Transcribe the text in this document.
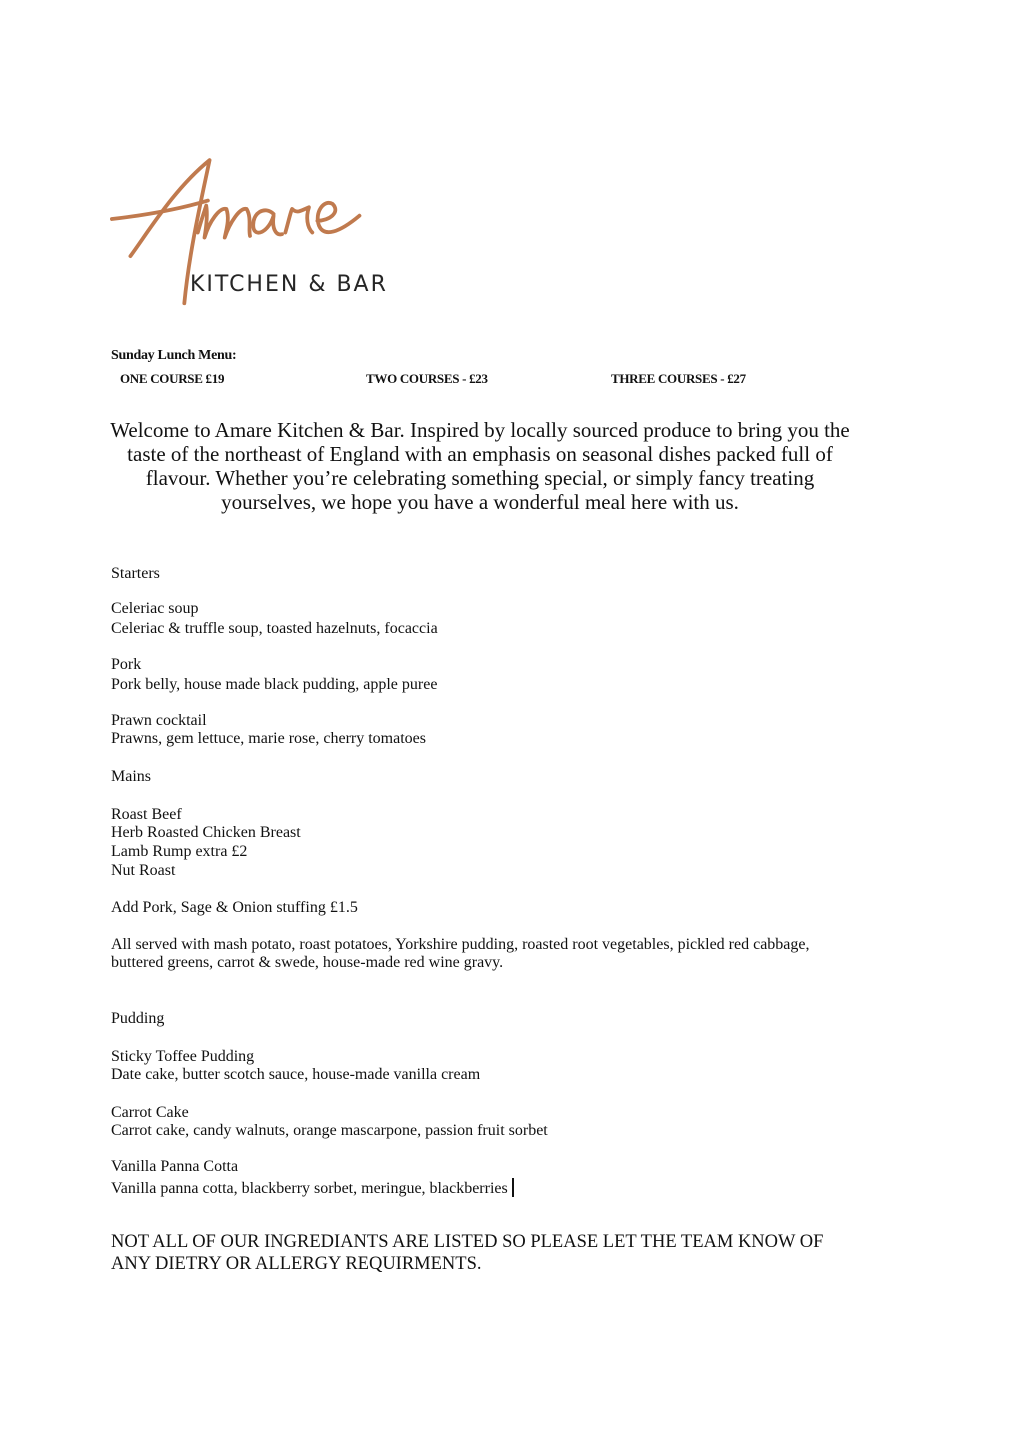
KITCHEN & BAR
Sunday Lunch Menu:
ONE COURSE £19	TWO COURSES - £23	THREE COURSES - £27
Welcome to Amare Kitchen & Bar. Inspired by locally sourced produce to bring you the taste of the northeast of England with an emphasis on seasonal dishes packed full of flavour. Whether you’re celebrating something special, or simply fancy treating yourselves, we hope you have a wonderful meal here with us.
Starters
Celeriac soup
Celeriac & truffle soup, toasted hazelnuts, focaccia
Pork
Pork belly, house made black pudding, apple puree
Prawn cocktail
Prawns, gem lettuce, marie rose, cherry tomatoes
Mains
Roast Beef
Herb Roasted Chicken Breast
Lamb Rump extra £2
Nut Roast
Add Pork, Sage & Onion stuffing £1.5
All served with mash potato, roast potatoes, Yorkshire pudding, roasted root vegetables, pickled red cabbage, buttered greens, carrot & swede, house-made red wine gravy.
Pudding
Sticky Toffee Pudding
Date cake, butter scotch sauce, house-made vanilla cream
Carrot Cake
Carrot cake, candy walnuts, orange mascarpone, passion fruit sorbet
Vanilla Panna Cotta
Vanilla panna cotta, blackberry sorbet, meringue, blackberries
NOT ALL OF OUR INGREDIANTS ARE LISTED SO PLEASE LET THE TEAM KNOW OF ANY DIETRY OR ALLERGY REQUIRMENTS.
